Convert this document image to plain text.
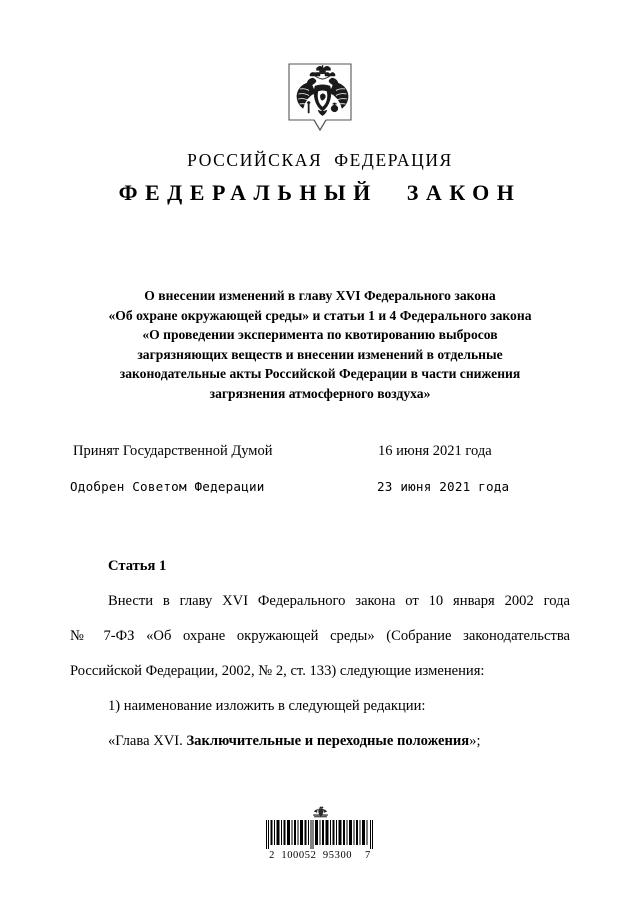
РОССИЙСКАЯ ФЕДЕРАЦИЯ
ФЕДЕРАЛЬНЫЙ ЗАКОН
О внесении изменений в главу XVI Федерального закона
«Об охране окружающей среды» и статьи 1 и 4 Федерального закона
«О проведении эксперимента по квотированию выбросов
загрязняющих веществ и внесении изменений в отдельные
законодательные акты Российской Федерации в части снижения
загрязнения атмосферного воздуха»
Принят Государственной Думой	16 июня 2021 года
Одобрен Советом Федерации	23 июня 2021 года

Статья 1

Внести в главу XVI Федерального закона от 10 января 2002 года

№ 7-ФЗ «Об охране окружающей среды» (Собрание законодательства

Российской Федерации, 2002, № 2, ст. 133) следующие изменения:

1) наименование изложить в следующей редакции:

«Глава XVI. Заключительные и переходные положения»;

2  100052  95300    7
